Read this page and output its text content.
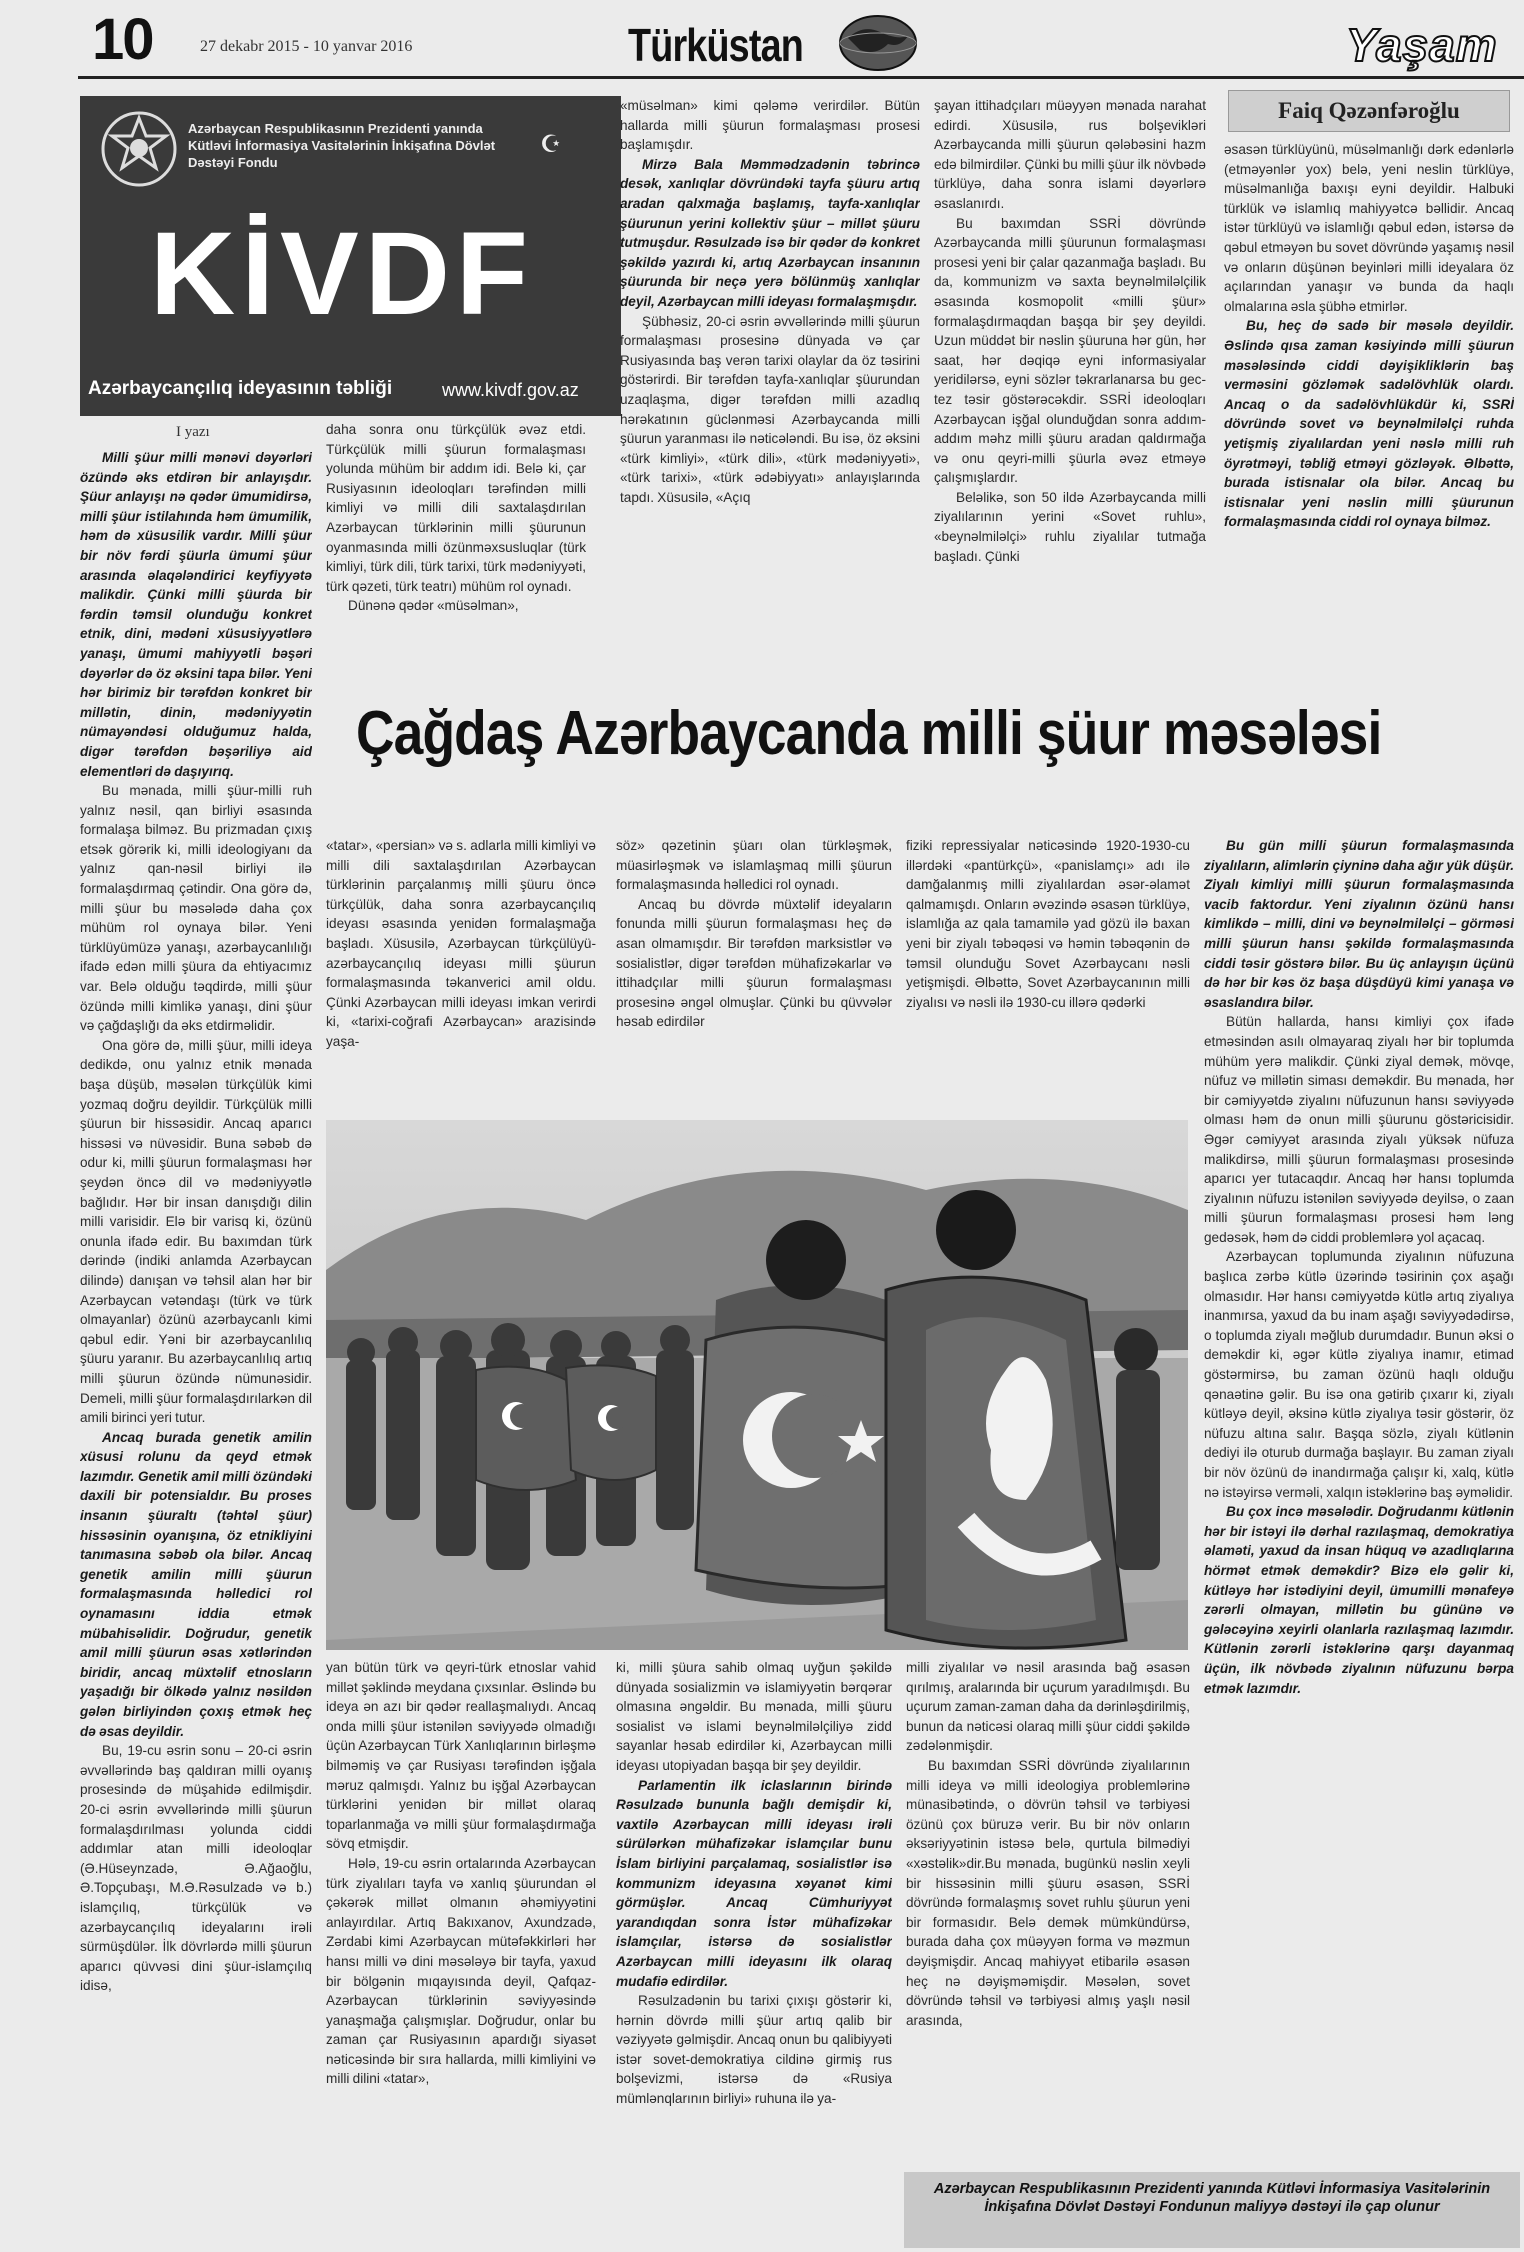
10	27 dekabr 2015 - 10 yanvar 2016	Türküstan	Yaşam
Azərbaycan Respublikasının Prezidenti yanında Kütləvi İnformasiya Vasitələrinin İnkişafına Dövlət Dəstəyi Fondu
☪
KİVDF
Azərbaycançılıq ideyasının təbliği	www.kivdf.gov.az
I yazı
Faiq Qəzənfəroğlu

Milli şüur milli mənəvi dəyərləri özündə əks etdirən bir anlayışdır. Şüur anlayışı nə qədər ümumidirsə, milli şüur istilahında həm ümumilik, həm də xüsusilik vardır. Milli şüur bir növ fərdi şüurla ümumi şüur arasında əlaqələndirici keyfiyyətə malikdir. Çünki milli şüurda bir fərdin təmsil olunduğu konkret etnik, dini, mədəni xüsusiyyətlərə yanaşı, ümumi mahiyyətli bəşəri dəyərlər də öz əksini tapa bilər. Yeni hər birimiz bir tərəfdən konkret bir millətin, dinin, mədəniyyətin nümayəndəsi olduğumuz halda, digər tərəfdən bəşəriliyə aid elementləri də daşıyırıq.

Bu mənada, milli şüur-milli ruh yalnız nəsil, qan birliyi əsasında formalaşa bilməz. Bu prizmadan çıxış etsək görərik ki, milli ideologiyanı da yalnız qan-nəsil birliyi ilə formalaşdırmaq çətindir. Ona görə də, milli şüur bu məsələdə daha çox mühüm rol oynaya bilər. Yeni türklüyümüzə yanaşı, azərbaycanlılığı ifadə edən milli şüura da ehtiyacımız var. Belə olduğu təqdirdə, milli şüur özündə milli kimlikə yanaşı, dini şüur və çağdaşlığı da əks etdirməlidir.

Ona görə də, milli şüur, milli ideya dedikdə, onu yalnız etnik mənada başa düşüb, məsələn türkçülük kimi yozmaq doğru deyildir. Türkçülük milli şüurun bir hissəsidir. Ancaq aparıcı hissəsi və nüvəsidir. Buna səbəb də odur ki, milli şüurun formalaşması hər şeydən öncə dil və mədəniyyətlə bağlıdır. Hər bir insan danışdığı dilin milli varisidir. Elə bir varisq ki, özünü onunla ifadə edir. Bu baxımdan türk dərində (indiki anlamda Azərbaycan dilində) danışan və təhsil alan hər bir Azərbaycan vətəndaşı (türk və türk olmayanlar) özünü azərbaycanlı kimi qəbul edir. Yəni bir azərbaycanlılıq şüuru yaranır. Bu azərbaycanlılıq artıq milli şüurun özündə nümunəsidir. Demeli, milli şüur formalaşdırılarkən dil amili birinci yeri tutur.

Ancaq burada genetik amilin xüsusi rolunu da qeyd etmək lazımdır. Genetik amil milli özündəki daxili bir potensialdır. Bu proses insanın şüuraltı (təhtəl şüur) hissəsinin oyanışına, öz etnikliyini tanımasına səbəb ola bilər. Ancaq genetik amilin milli şüurun formalaşmasında həlledici rol oynamasını iddia etmək mübahisəlidir. Doğrudur, genetik amil milli şüurun əsas xətlərindən biridir, ancaq müxtəlif etnosların yaşadığı bir ölkədə yalnız nəsildən gələn birliyindən çoxış etmək heç də əsas deyildir.

Bu, 19-cu əsrin sonu – 20-ci əsrin əvvəllərində baş qaldıran milli oyanış prosesində də müşahidə edilmişdir. 20-ci əsrin əvvəllərində milli şüurun formalaşdırılması yolunda ciddi addımlar atan milli ideoloqlar (Ə.Hüseynzadə, Ə.Ağaoğlu, Ə.Topçubaşı, M.Ə.Rəsulzadə və b.) islamçılıq, türkçülük və azərbaycançılıq ideyalarını irəli sürmüşdülər. İlk dövrlərdə milli şüurun aparıcı qüvvəsi dini şüur-islamçılıq idisə,

daha sonra onu türkçülük əvəz etdi. Türkçülük milli şüurun formalaşması yolunda mühüm bir addım idi. Belə ki, çar Rusiyasının ideoloqları tərəfindən milli kimliyi və milli dili saxtalaşdırılan Azərbaycan türklərinin milli şüurunun oyanmasında milli özünməxsusluqlar (türk kimliyi, türk dili, türk tarixi, türk mədəniyyəti, türk qəzeti, türk teatrı) mühüm rol oynadı.

Dünənə qədər «müsəlman»,

«müsəlman» kimi qələmə verirdilər. Bütün hallarda milli şüurun formalaşması prosesi başlamışdır.

Mirzə Bala Məmmədzadənin təbrincə desək, xanlıqlar dövründəki tayfa şüuru artıq aradan qalxmağa başlamış, tayfa-xanlıqlar şüurunun yerini kollektiv şüur – millət şüuru tutmuşdur. Rəsulzadə isə bir qədər də konkret şəkildə yazırdı ki, artıq Azərbaycan insanının şüurunda bir neçə yerə bölünmüş xanlıqlar deyil, Azərbaycan milli ideyası formalaşmışdır.

Şübhəsiz, 20-ci əsrin əvvəllərində milli şüurun formalaşması prosesinə dünyada və çar Rusiyasında baş verən tarixi olaylar da öz təsirini göstərirdi. Bir tərəfdən tayfa-xanlıqlar şüurundan uzaqlaşma, digər tərəfdən milli azadlıq hərəkatının güclənməsi Azərbaycanda milli şüurun yaranması ilə nəticələndi. Bu isə, öz əksini «türk kimliyi», «türk dili», «türk mədəniyyəti», «türk tarixi», «türk ədəbiyyatı» anlayışlarında tapdı. Xüsusilə, «Açıq

şayan ittihadçıları müəyyən mənada narahat edirdi. Xüsusilə, rus bolşevikləri Azərbaycanda milli şüurun qələbəsini hazm edə bilmirdilər. Çünki bu milli şüur ilk növbədə türklüyə, daha sonra islami dəyərlərə əsaslanırdı.

Bu baxımdan SSRİ dövründə Azərbaycanda milli şüurunun formalaşması prosesi yeni bir çalar qazanmağa başladı. Bu da, kommunizm və saxta beynəlmiləlçilik əsasında kosmopolit «milli şüur» formalaşdırmaqdan başqa bir şey deyildi. Uzun müddət bir nəslin şüuruna hər gün, hər saat, hər dəqiqə eyni informasiyalar yeridilərsə, eyni sözlər təkrarlanarsa bu gec-tez təsir göstərəcəkdir. SSRİ ideoloqları Azərbaycan işğal olunduğdan sonra addım-addım məhz milli şüuru aradan qaldırmağa və onu qeyri-milli şüurla əvəz etməyə çalışmışlardır.

Beləlikə, son 50 ildə Azərbaycanda milli ziyalılarının yerini «Sovet ruhlu», «beynəlmiləlçi» ruhlu ziyalılar tutmağa başladı. Çünki

əsasən türklüyünü, müsəlmanlığı dərk edənlərlə (etməyənlər yox) belə, yeni neslin türklüyə, müsəlmanlığa baxışı eyni deyildir. Halbuki türklük və islamlıq mahiyyətcə bəllidir. Ancaq istər türklüyü və islamlığı qəbul edən, istərsə də qəbul etməyən bu sovet dövründə yaşamış nəsil və onların düşünən beyinləri milli ideyalara öz açılarından yanaşır və bunda da haqlı olmalarına əsla şübhə etmirlər.

Bu, heç də sadə bir məsələ deyildir. Əslində qısa zaman kəsiyində milli şüurun məsələsində ciddi dəyişikliklərin baş verməsini gözləmək sadəlövhlük olardı. Ancaq o da sadəlövhlükdür ki, SSRİ dövründə sovet və beynəlmiləlçi ruhda yetişmiş ziyalılardan yeni nəslə milli ruh öyrətməyi, təbliğ etməyi gözləyək. Əlbəttə, burada istisnalar ola bilər. Ancaq bu istisnalar yeni nəslin milli şüurunun formalaşmasında ciddi rol oynaya bilməz.

Çağdaş Azərbaycanda milli şüur məsələsi

«tatar», «persian» və s. adlarla milli kimliyi və milli dili saxtalaşdırılan Azərbaycan türklərinin parçalanmış milli şüuru öncə türkçülük, daha sonra azərbaycançılıq ideyası əsasında yenidən formalaşmağa başladı. Xüsusilə, Azərbaycan türkçülüyü-azərbaycançılıq ideyası milli şüurun formalaşmasında təkanverici amil oldu. Çünki Azərbaycan milli ideyası imkan verirdi ki, «tarixi-coğrafi Azərbaycan» arazisində yaşa-

söz» qəzetinin şüarı olan türkləşmək, müasirləşmək və islamlaşmaq milli şüurun formalaşmasında həlledici rol oynadı.

Ancaq bu dövrdə müxtəlif ideyaların fonunda milli şüurun formalaşması heç də asan olmamışdır. Bir tərəfdən marksistlər və sosialistlər, digər tərəfdən mühafizəkarlar və ittihadçılar milli şüurun formalaşması prosesinə əngəl olmuşlar. Çünki bu qüvvələr həsab edirdilər

fiziki repressiyalar nəticəsində 1920-1930-cu illərdəki «pantürkçü», «panislamçı» adı ilə damğalanmış milli ziyalılardan əsər-əlamət qalmamışdı. Onların əvəzində əsasən türklüyə, islamlığa az qala tamamilə yad gözü ilə baxan yeni bir ziyalı təbəqəsi və həmin təbəqənin də təmsil olunduğu Sovet Azərbaycanı nəsli yetişmişdi. Əlbəttə, Sovet Azərbaycanının milli ziyalısı və nəsli ilə 1930-cu illərə qədərki

Bu gün milli şüurun formalaşmasında ziyalıların, alimlərin çiyninə daha ağır yük düşür. Ziyalı kimliyi milli şüurun formalaşmasında vacib faktordur. Yeni ziyalının özünü hansı kimlikdə – milli, dini və beynəlmiləlçi – görməsi milli şüurun hansı şəkildə formalaşmasında ciddi təsir göstərə bilər. Bu üç anlayışın üçünü də hər bir kəs öz başa düşdüyü kimi yanaşa və əsaslandıra bilər.

Bütün hallarda, hansı kimliyi çox ifadə etməsindən asılı olmayaraq ziyalı hər bir toplumda mühüm yerə malikdir. Çünki ziyal demək, mövqe, nüfuz və millətin siması deməkdir. Bu mənada, hər bir cəmiyyətdə ziyalını nüfuzunun hansı səviyyədə olması həm də onun milli şüurunu göstəricisidir. Əgər cəmiyyət arasında ziyalı yüksək nüfuza malikdirsə, milli şüurun formalaşması prosesində aparıcı yer tutacaqdır. Ancaq hər hansı toplumda ziyalının nüfuzu istənilən səviyyədə deyilsə, o zaan milli şüurun formalaşması prosesi həm ləng gedəsək, həm də ciddi problemlərə yol açacaq.

Azərbaycan toplumunda ziyalının nüfuzuna başlıca zərbə kütlə üzərində təsirinin çox aşağı olmasıdır. Hər hansı cəmiyyətdə kütlə artıq ziyalıya inanmırsa, yaxud da bu inam aşağı səviyyədədirsə, o toplumda ziyalı məğlub durumdadır. Bunun əksi o deməkdir ki, əgər kütlə ziyalıya inamır, etimad göstərmirsə, bu zaman özünü haqlı olduğu qənaətinə gəlir. Bu isə ona gətirib çıxarır ki, ziyalı kütləyə deyil, əksinə kütlə ziyalıya təsir göstərir, öz nüfuzu altına salır. Başqa sözlə, ziyalı kütlənin dediyi ilə oturub durmağa başlayır. Bu zaman ziyalı bir növ özünü də inandırmağa çalışır ki, xalq, kütlə nə istəyirsə verməli, xalqın istəklərinə baş əyməlidir.

Bu çox incə məsələdir. Doğrudanmı kütlənin hər bir istəyi ilə dərhal razılaşmaq, demokratiya əlaməti, yaxud da insan hüquq və azadlıqlarına hörmət etmək deməkdir? Bizə elə gəlir ki, kütləyə hər istədiyini deyil, ümumilli mənafeyə zərərli olmayan, millətin bu gününə və gələcəyinə xeyirli olanlarla razılaşmaq lazımdır. Kütlənin zərərli istəklərinə qarşı dayanmaq üçün, ilk növbədə ziyalının nüfuzunu bərpa etmək lazımdır.

yan bütün türk və qeyri-türk etnoslar vahid millət şəklində meydana çıxsınlar. Əslində bu ideya ən azı bir qədər reallaşmalıydı. Ancaq onda milli şüur istənilən səviyyədə olmadığı üçün Azərbaycan Türk Xanlıqlarının birləşmə bilməmiş və çar Rusiyası tərəfindən işğala məruz qalmışdı. Yalnız bu işğal Azərbaycan türklərini yenidən bir millət olaraq toparlanmağa və milli şüur formalaşdırmağa sövq etmişdir.

Hələ, 19-cu əsrin ortalarında Azərbaycan türk ziyalıları tayfa və xanlıq şüurundan əl çəkərək millət olmanın əhəmiyyətini anlayırdılar. Artıq Bakıxanov, Axundzadə, Zərdabi kimi Azərbaycan mütəfəkkirləri hər hansı milli və dini məsələyə bir tayfa, yaxud bir bölgənin mıqayısında deyil, Qafqaz-Azərbaycan türklərinin səviyyəsində yanaşmağa çalışmışlar. Doğrudur, onlar bu zaman çar Rusiyasının apardığı siyasət nəticəsində bir sıra hallarda, milli kimliyini və milli dilini «tatar»,

ki, milli şüura sahib olmaq uyğun şəkildə dünyada sosializmin və islamiyyətin bərqərar olmasına əngəldir. Bu mənada, milli şüuru sosialist və islami beynəlmiləlçiliyə zidd sayanlar həsab edirdilər ki, Azərbaycan milli ideyası utopiyadan başqa bir şey deyildir.

Parlamentin ilk iclaslarının birində Rəsulzadə bununla bağlı demişdir ki, vaxtilə Azərbaycan milli ideyası irəli sürülərkən mühafizəkar islamçılar bunu İslam birliyini parçalamaq, sosialistlər isə kommunizm ideyasına xəyanət kimi görmüşlər. Ancaq Cümhuriyyət yarandıqdan sonra İstər mühafizəkar islamçılar, istərsə də sosialistlər Azərbaycan milli ideyasını ilk olaraq mudafiə edirdilər.

Rəsulzadənin bu tarixi çıxışı göstərir ki, hərnin dövrdə milli şüur artıq qalib bir vəziyyətə gəlmişdir. Ancaq onun bu qalibiyyəti istər sovet-demokratiya cildinə girmiş rus bolşevizmi, istərsə də «Rusiya mümlənqlarının birliyi» ruhuna ilə ya-

milli ziyalılar və nəsil arasında bağ əsasən qırılmış, aralarında bir uçurum yaradılmışdı. Bu uçurum zaman-zaman daha da dərinləşdirilmiş, bunun da nəticəsi olaraq milli şüur ciddi şəkildə zədələnmişdir.

Bu baxımdan SSRİ dövründə ziyalılarının milli ideya və milli ideologiya problemlərinə münasibətində, o dövrün təhsil və tərbiyəsi özünü çox büruzə verir. Bu bir növ onların əksəriyyətinin istəsə belə, qurtula bilmədiyi «xəstəlik»dir.Bu mənada, bugünkü nəslin xeyli bir hissəsinin milli şüuru əsasən, SSRİ dövründə formalaşmış sovet ruhlu şüurun yeni bir formasıdır. Belə demək mümkündürsə, burada daha çox müəyyən forma və məzmun dəyişmişdir. Ancaq mahiyyət etibarilə əsasən heç nə dəyişməmişdir. Məsələn, sovet dövründə təhsil və tərbiyəsi almış yaşlı nəsil arasında,

Azərbaycan Respublikasının Prezidenti yanında Kütləvi İnformasiya Vasitələrinin İnkişafına Dövlət Dəstəyi Fondunun maliyyə dəstəyi ilə çap olunur
